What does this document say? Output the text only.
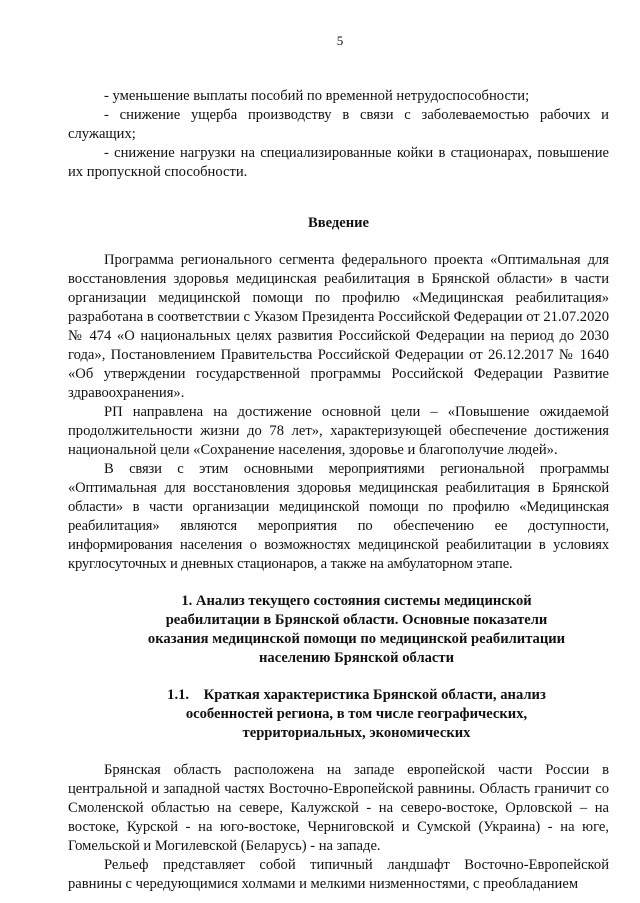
5

- уменьшение выплаты пособий по временной нетрудоспособности;

- снижение ущерба производству в связи с заболеваемостью рабочих и служащих;

- снижение нагрузки на специализированные койки в стационарах, повышение их пропускной способности.

Введение

Программа регионального сегмента федерального проекта «Оптимальная для восстановления здоровья медицинская реабилитация в Брянской области» в части организации медицинской помощи по профилю «Медицинская реабилитация» разработана в соответствии с Указом Президента Российской Федерации от 21.07.2020 № 474 «О национальных целях развития Российской Федерации на период до 2030 года», Постановлением Правительства Российской Федерации от 26.12.2017 № 1640 «Об утверждении государственной программы Российской Федерации Развитие здравоохранения».

РП направлена на достижение основной цели – «Повышение ожидаемой продолжительности жизни до 78 лет», характеризующей обеспечение достижения национальной цели «Сохранение населения, здоровье и благополучие людей».

В связи с этим основными мероприятиями региональной программы «Оптимальная для восстановления здоровья медицинская реабилитация в Брянской области» в части организации медицинской помощи по профилю «Медицинская реабилитация» являются мероприятия по обеспечению ее доступности, информирования населения о возможностях медицинской реабилитации в условиях круглосуточных и дневных стационаров, а также на амбулаторном этапе.

1. Анализ текущего состояния системы медицинской
реабилитации в Брянской области. Основные показатели
оказания медицинской помощи по медицинской реабилитации
населению Брянской области
1.1.    Краткая характеристика Брянской области, анализ
особенностей региона, в том числе географических,
территориальных, экономических

Брянская область расположена на западе европейской части России в центральной и западной частях Восточно-Европейской равнины. Область граничит со Смоленской областью на севере, Калужской - на северо-востоке, Орловской – на востоке, Курской - на юго-востоке, Черниговской и Сумской (Украина) - на юге, Гомельской и Могилевской (Беларусь) - на западе.

Рельеф представляет собой типичный ландшафт Восточно-Европейской равнины с чередующимися холмами и мелкими низменностями, с преобладанием
